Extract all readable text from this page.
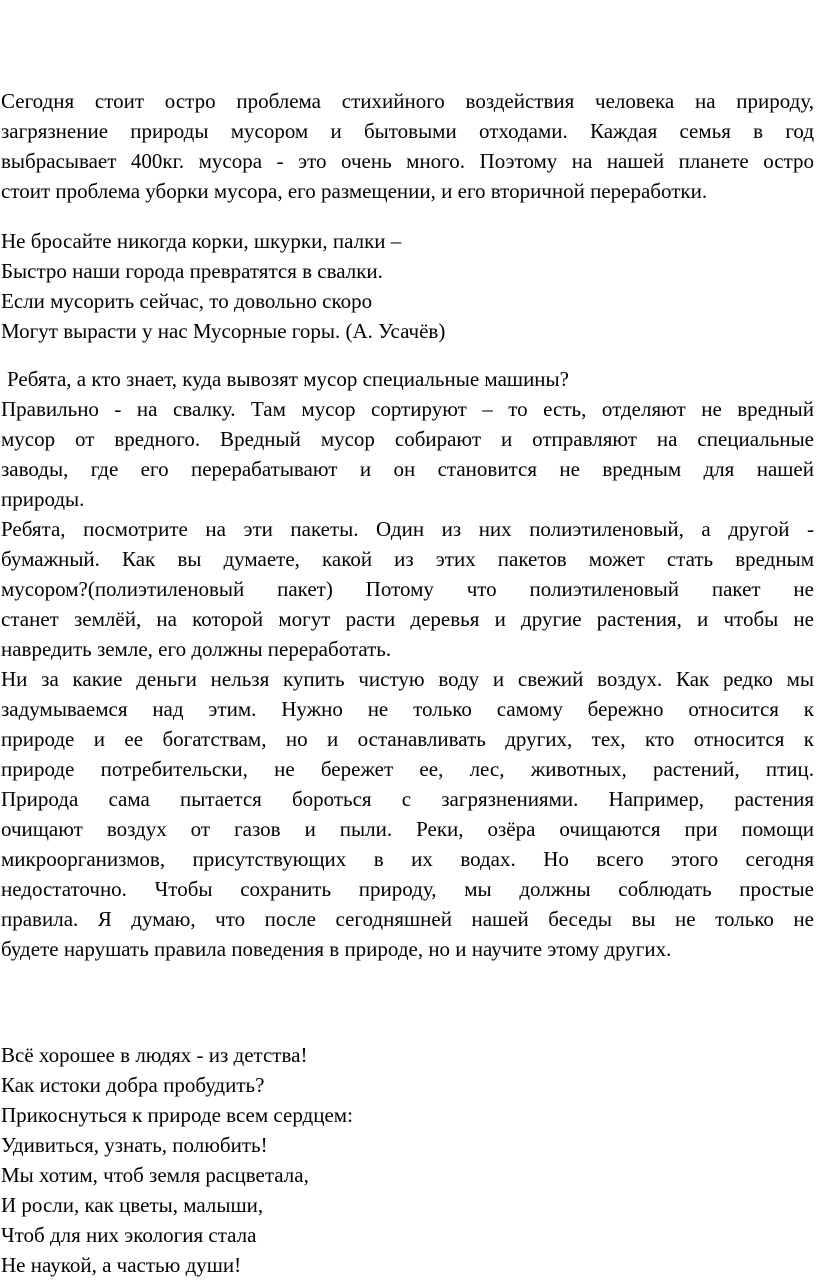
Сегодня стоит остро проблема стихийного воздействия человека на природу,
загрязнение природы мусором и бытовыми отходами. Каждая семья в год
выбрасывает 400кг. мусора - это очень много. Поэтому на нашей планете остро
стоит проблема уборки мусора, его размещении, и его вторичной переработки.
Не бросайте никогда корки, шкурки, палки –
Быстро наши города превратятся в свалки.
Если мусорить сейчас, то довольно скоро
Могут вырасти у нас Мусорные горы. (А. Усачёв)
Ребята, а кто знает, куда вывозят мусор специальные машины?
Правильно - на свалку. Там мусор сортируют – то есть, отделяют не вредный
мусор от вредного. Вредный мусор собирают и отправляют на специальные
заводы, где его перерабатывают и он становится не вредным для нашей
природы.
Ребята, посмотрите на эти пакеты. Один из них полиэтиленовый, а другой -
бумажный. Как вы думаете, какой из этих пакетов может стать вредным
мусором?(полиэтиленовый пакет) Потому что полиэтиленовый пакет не
станет землёй, на которой могут расти деревья и другие растения, и чтобы не
навредить земле, его должны переработать.
Ни за какие деньги нельзя купить чистую воду и свежий воздух. Как редко мы
задумываемся над этим. Нужно не только самому бережно относится к
природе и ее богатствам, но и останавливать других, тех, кто относится к
природе потребительски, не бережет ее, лес, животных, растений, птиц.
Природа сама пытается бороться с загрязнениями. Например, растения
очищают воздух от газов и пыли. Реки, озёра очищаются при помощи
микроорганизмов, присутствующих в их водах. Но всего этого сегодня
недостаточно. Чтобы сохранить природу, мы должны соблюдать простые
правила. Я думаю, что после сегодняшней нашей беседы вы не только не
будете нарушать правила поведения в природе, но и научите этому других.
Всё хорошее в людях - из детства!
Как истоки добра пробудить?
Прикоснуться к природе всем сердцем:
Удивиться, узнать, полюбить!
Мы хотим, чтоб земля расцветала,
И росли, как цветы, малыши,
Чтоб для них экология стала
Не наукой, а частью души!
